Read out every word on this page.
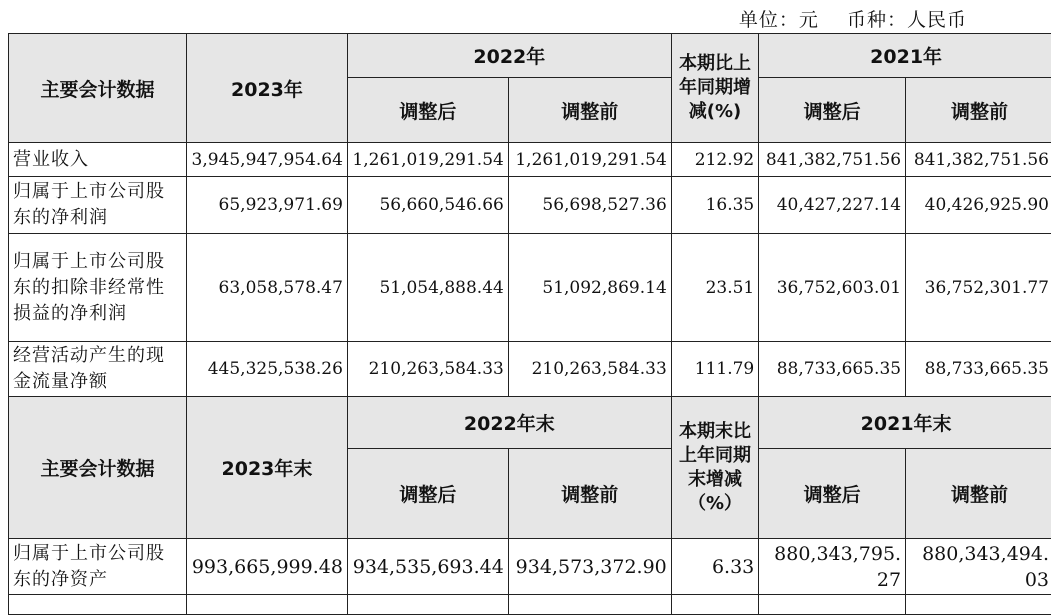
单位：元    币种：人民币
主要会计数据	2023年	2022年		本期比上年同期增减(%)	2021年	
		调整后	调整前		调整后	调整前
营业收入	3,945,947,954.64	1,261,019,291.54	1,261,019,291.54	212.92	841,382,751.56	841,382,751.56
归属于上市公司股东的净利润	65,923,971.69	56,660,546.66	56,698,527.36	16.35	40,427,227.14	40,426,925.90
归属于上市公司股东的扣除非经常性损益的净利润	63,058,578.47	51,054,888.44	51,092,869.14	23.51	36,752,603.01	36,752,301.77
经营活动产生的现金流量净额	445,325,538.26	210,263,584.33	210,263,584.33	111.79	88,733,665.35	88,733,665.35
主要会计数据	2023年末	2022年末		本期末比上年同期末增减（%）	2021年末	
		调整后	调整前		调整后	调整前
归属于上市公司股东的净资产	993,665,999.48	934,535,693.44	934,573,372.90	6.33	880,343,795.27	880,343,494.03
